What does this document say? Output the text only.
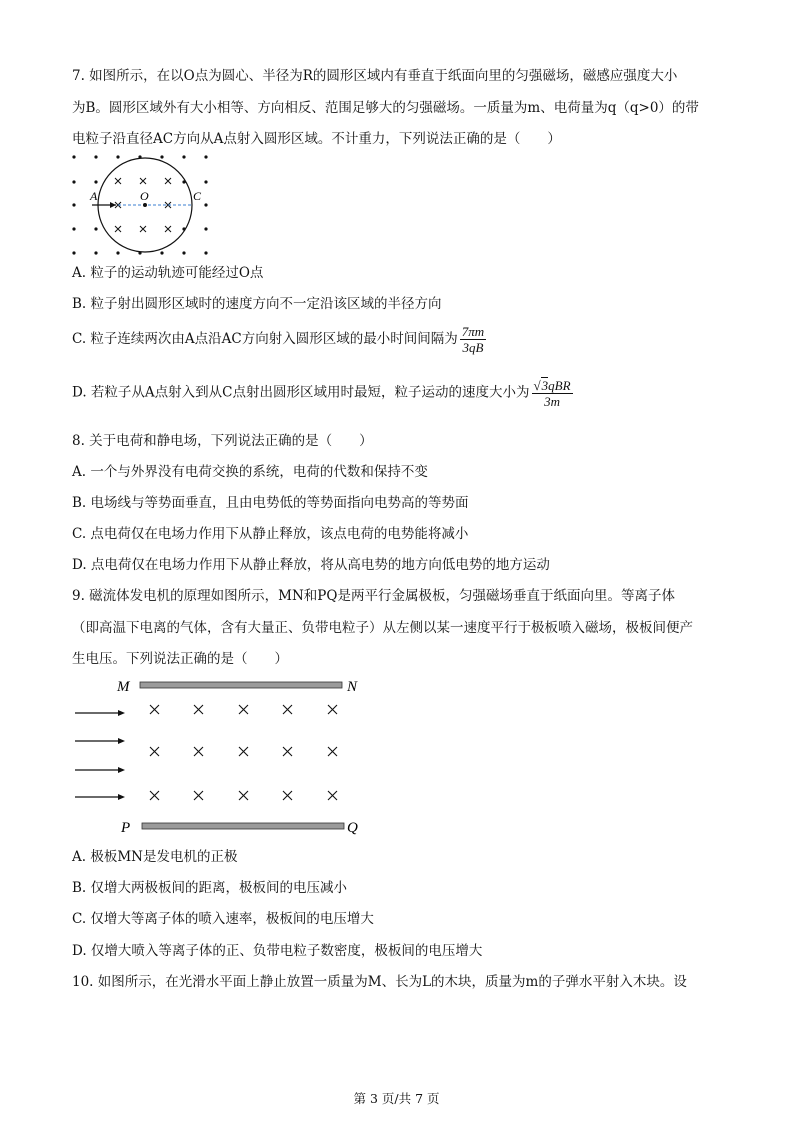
7. 如图所示，在以O点为圆心、半径为R的圆形区域内有垂直于纸面向里的匀强磁场，磁感应强度大小
为B。圆形区域外有大小相等、方向相反、范围足够大的匀强磁场。一质量为m、电荷量为q（q>0）的带
电粒子沿直径AC方向从A点射入圆形区域。不计重力，下列说法正确的是（　　）
A	O	C
A. 粒子的运动轨迹可能经过O点
B. 粒子射出圆形区域时的速度方向不一定沿该区域的半径方向
C. 粒子连续两次由A点沿AC方向射入圆形区域的最小时间间隔为 $\frac{7\pi m}{3qB}$
D. 若粒子从A点射入到从C点射出圆形区域用时最短，粒子运动的速度大小为 $\frac{\text{√3qBR}}{3m}$
8. 关于电荷和静电场，下列说法正确的是（　　）
A. 一个与外界没有电荷交换的系统，电荷的代数和保持不变
B. 电场线与等势面垂直，且由电势低的等势面指向电势高的等势面
C. 点电荷仅在电场力作用下从静止释放，该点电荷的电势能将减小
D. 点电荷仅在电场力作用下从静止释放，将从高电势的地方向低电势的地方运动
9. 磁流体发电机的原理如图所示，MN和PQ是两平行金属极板，匀强磁场垂直于纸面向里。等离子体
（即高温下电离的气体，含有大量正、负带电粒子）从左侧以某一速度平行于极板喷入磁场，极板间便产
生电压。下列说法正确的是（　　）
M	N
P	Q
A. 极板MN是发电机的正极
B. 仅增大两极板间的距离，极板间的电压减小
C. 仅增大等离子体的喷入速率，极板间的电压增大
D. 仅增大喷入等离子体的正、负带电粒子数密度，极板间的电压增大
10. 如图所示，在光滑水平面上静止放置一质量为M、长为L的木块，质量为m的子弹水平射入木块。设
第 3 页/共 7 页
